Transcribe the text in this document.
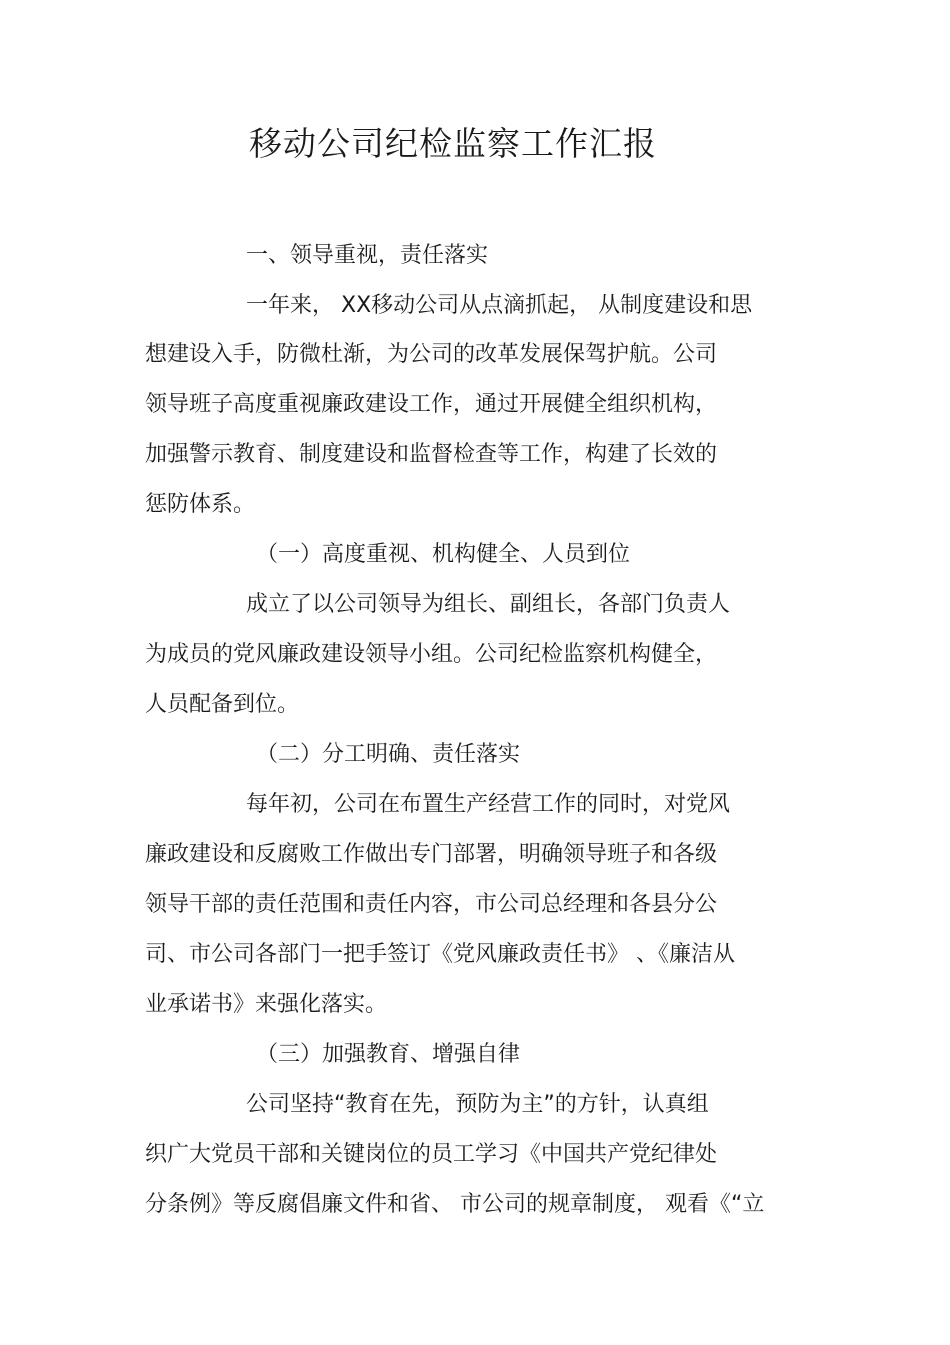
移动公司纪检监察工作汇报
一、领导重视，责任落实
一年来， XX移动公司从点滴抓起， 从制度建设和思
想建设入手，防微杜渐，为公司的改革发展保驾护航。公司
领导班子高度重视廉政建设工作，通过开展健全组织机构，
加强警示教育、制度建设和监督检查等工作，构建了长效的
惩防体系。
（一）高度重视、机构健全、人员到位
成立了以公司领导为组长、副组长，各部门负责人
为成员的党风廉政建设领导小组。公司纪检监察机构健全，
人员配备到位。
（二）分工明确、责任落实
每年初，公司在布置生产经营工作的同时，对党风
廉政建设和反腐败工作做出专门部署，明确领导班子和各级
领导干部的责任范围和责任内容，市公司总经理和各县分公
司、市公司各部门一把手签订《党风廉政责任书》 、《廉洁从
业承诺书》来强化落实。
（三）加强教育、增强自律
公司坚持“教育在先，预防为主”的方针，认真组
织广大党员干部和关键岗位的员工学习《中国共产党纪律处
分条例》等反腐倡廉文件和省、 市公司的规章制度， 观看《“立
